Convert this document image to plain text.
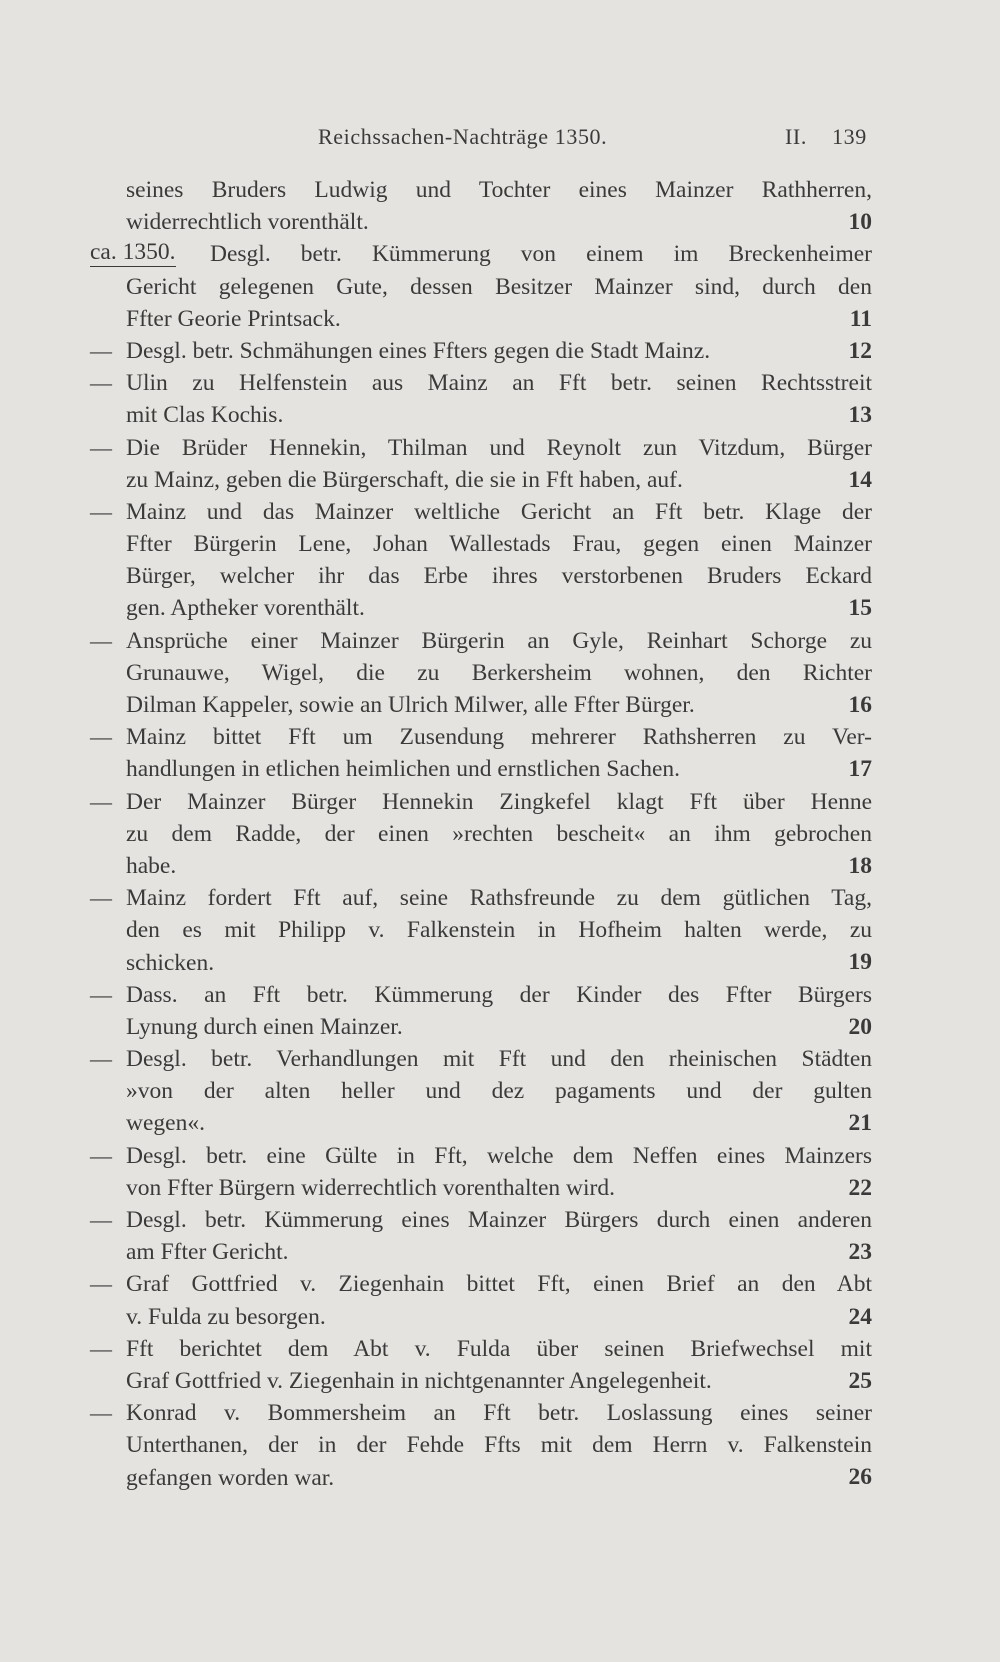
Reichssachen-Nachträge 1350.	II. 139
seines Bruders Ludwig und Tochter eines Mainzer Rathherren,
widerrechtlich vorenthält.	10
ca. 1350. Desgl. betr. Kümmerung von einem im Breckenheimer
Gericht gelegenen Gute, dessen Besitzer Mainzer sind, durch den
Ffter Georie Printsack.	11
— Desgl. betr. Schmähungen eines Ffters gegen die Stadt Mainz.	12
— Ulin zu Helfenstein aus Mainz an Fft betr. seinen Rechtsstreit
mit Clas Kochis.	13
— Die Brüder Hennekin, Thilman und Reynolt zun Vitzdum, Bürger
zu Mainz, geben die Bürgerschaft, die sie in Fft haben, auf.	14
— Mainz und das Mainzer weltliche Gericht an Fft betr. Klage der
Ffter Bürgerin Lene, Johan Wallestads Frau, gegen einen Mainzer
Bürger, welcher ihr das Erbe ihres verstorbenen Bruders Eckard
gen. Aptheker vorenthält.	15
— Ansprüche einer Mainzer Bürgerin an Gyle, Reinhart Schorge zu
Grunauwe, Wigel, die zu Berkersheim wohnen, den Richter
Dilman Kappeler, sowie an Ulrich Milwer, alle Ffter Bürger.	16
— Mainz bittet Fft um Zusendung mehrerer Rathsherren zu Ver-
handlungen in etlichen heimlichen und ernstlichen Sachen.	17
— Der Mainzer Bürger Hennekin Zingkefel klagt Fft über Henne
zu dem Radde, der einen »rechten bescheit« an ihm gebrochen
habe.	18
— Mainz fordert Fft auf, seine Rathsfreunde zu dem gütlichen Tag,
den es mit Philipp v. Falkenstein in Hofheim halten werde, zu
schicken.	19
— Dass. an Fft betr. Kümmerung der Kinder des Ffter Bürgers
Lynung durch einen Mainzer.	20
— Desgl. betr. Verhandlungen mit Fft und den rheinischen Städten
»von der alten heller und dez pagaments und der gulten
wegen«.	21
— Desgl. betr. eine Gülte in Fft, welche dem Neffen eines Mainzers
von Ffter Bürgern widerrechtlich vorenthalten wird.	22
— Desgl. betr. Kümmerung eines Mainzer Bürgers durch einen anderen
am Ffter Gericht.	23
— Graf Gottfried v. Ziegenhain bittet Fft, einen Brief an den Abt
v. Fulda zu besorgen.	24
— Fft berichtet dem Abt v. Fulda über seinen Briefwechsel mit
Graf Gottfried v. Ziegenhain in nichtgenannter Angelegenheit.	25
— Konrad v. Bommersheim an Fft betr. Loslassung eines seiner
Unterthanen, der in der Fehde Ffts mit dem Herrn v. Falkenstein
gefangen worden war.	26
